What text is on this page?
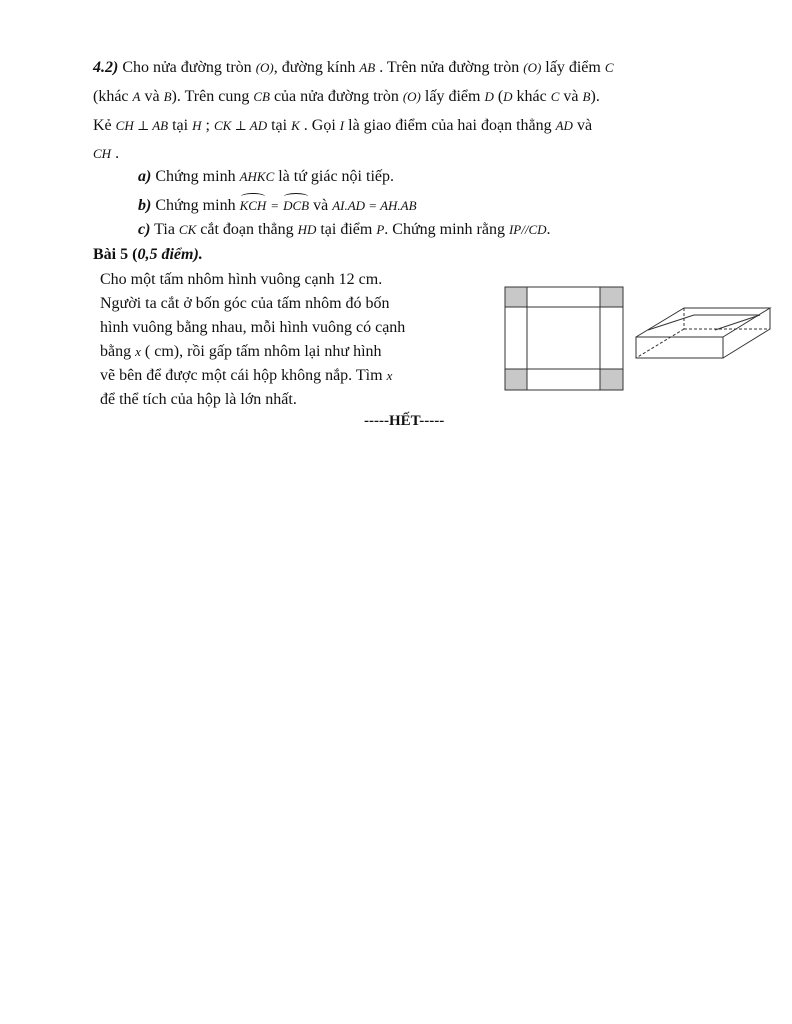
4.2) Cho nửa đường tròn (O), đường kính AB . Trên nửa đường tròn (O) lấy điểm C
(khác A và B). Trên cung CB của nửa đường tròn (O) lấy điểm D (D khác C và B).
Kẻ CH ⊥ AB tại H ; CK ⊥ AD tại K . Gọi I là giao điểm của hai đoạn thẳng AD và
CH .
a) Chứng minh AHKC là tứ giác nội tiếp.
b) Chứng minh KCH = DCB và AI.AD = AH.AB
c) Tia CK cắt đoạn thẳng HD tại điểm P. Chứng minh rằng IP//CD.
Bài 5 (0,5 điểm).
Cho một tấm nhôm hình vuông cạnh 12 cm.
Người ta cắt ở bốn góc của tấm nhôm đó bốn
hình vuông bằng nhau, mỗi hình vuông có cạnh
bằng x ( cm), rồi gấp tấm nhôm lại như hình
vẽ bên để được một cái hộp không nắp. Tìm x
để thể tích của hộp là lớn nhất.
-----HẾT-----
